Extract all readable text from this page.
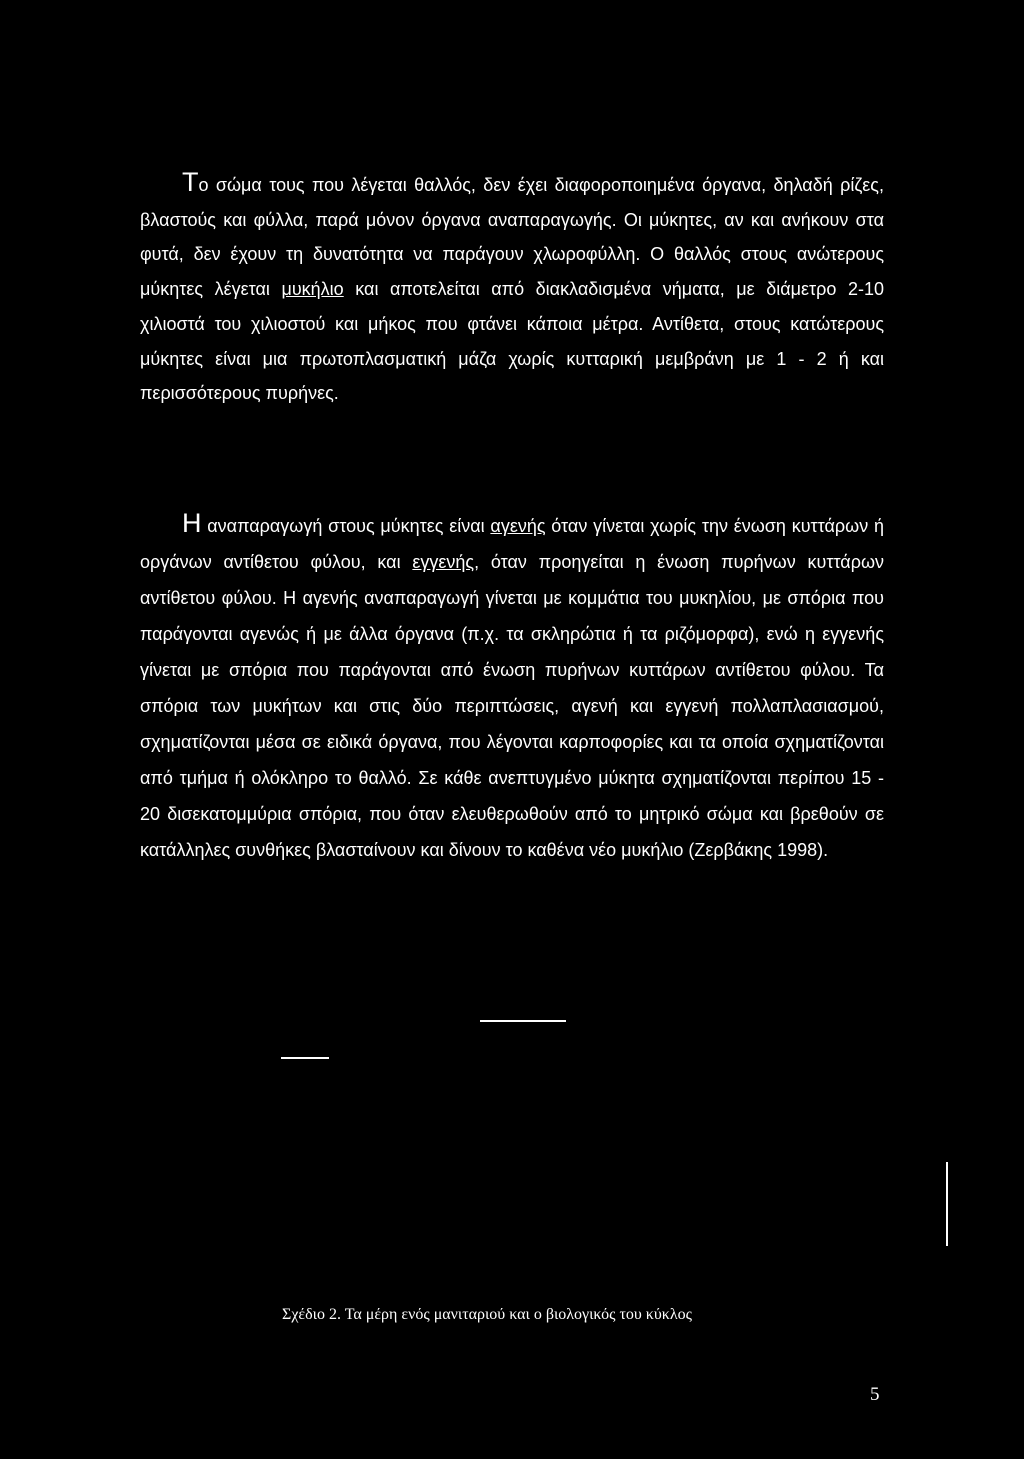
Το σώμα τους που λέγεται θαλλός, δεν έχει διαφοροποιημένα όργανα, δηλαδή ρίζες, βλαστούς και φύλλα, παρά μόνον όργανα αναπαραγωγής. Οι μύκητες, αν και ανήκουν στα φυτά, δεν έχουν τη δυνατότητα να παράγουν χλωροφύλλη. Ο θαλλός στους ανώτερους μύκητες λέγεται μυκήλιο και αποτελείται από διακλαδισμένα νήματα, με διάμετρο 2-10 χιλιοστά του χιλιοστού και μήκος που φτάνει κάποια μέτρα. Αντίθετα, στους κατώτερους μύκητες είναι μια πρωτοπλασματική μάζα χωρίς κυτταρική μεμβράνη με 1 - 2 ή και περισσότερους πυρήνες.

Η αναπαραγωγή στους μύκητες είναι αγενής όταν γίνεται χωρίς την ένωση κυττάρων ή οργάνων αντίθετου φύλου, και εγγενής, όταν προηγείται η ένωση πυρήνων κυττάρων αντίθετου φύλου. Η αγενής αναπαραγωγή γίνεται με κομμάτια του μυκηλίου, με σπόρια που παράγονται αγενώς ή με άλλα όργανα (π.χ. τα σκληρώτια ή τα ριζόμορφα), ενώ η εγγενής γίνεται με σπόρια που παράγονται από ένωση πυρήνων κυττάρων αντίθετου φύλου. Τα σπόρια των μυκήτων και στις δύο περιπτώσεις, αγενή και εγγενή πολλαπλασιασμού, σχηματίζονται μέσα σε ειδικά όργανα, που λέγονται καρποφορίες και τα οποία σχηματίζονται από τμήμα ή ολόκληρο το θαλλό. Σε κάθε ανεπτυγμένο μύκητα σχηματίζονται περίπου 15 - 20 δισεκατομμύρια σπόρια, που όταν ελευθερωθούν από το μητρικό σώμα και βρεθούν σε κατάλληλες συνθήκες βλασταίνουν και δίνουν το καθένα νέο μυκήλιο (Ζερβάκης 1998).

Σχέδιο 2. Τα μέρη ενός μανιταριού και ο βιολογικός του κύκλος
5
